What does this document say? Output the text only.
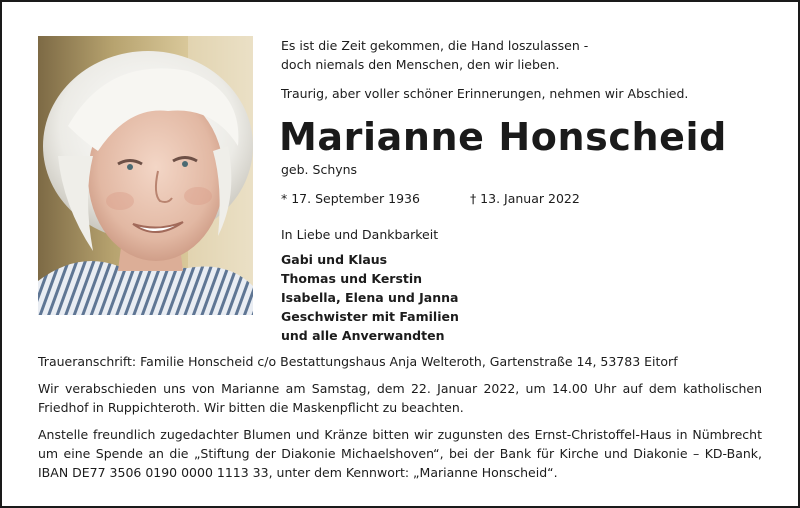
Es ist die Zeit gekommen, die Hand loszulassen -

doch niemals den Menschen, den wir lieben.

Traurig, aber voller schöner Erinnerungen, nehmen wir Abschied.

Marianne Honscheid

geb. Schyns

* 17. September 1936	† 13. Januar 2022

In Liebe und Dankbarkeit

Gabi und Klaus
Thomas und Kerstin
Isabella, Elena und Janna
Geschwister mit Familien
und alle Anverwandten

Traueranschrift: Familie Honscheid c/o Bestattungshaus Anja Welteroth, Gartenstraße 14, 53783 Eitorf

Wir verabschieden uns von Marianne am Samstag, dem 22. Januar 2022, um 14.00 Uhr auf dem katholischen Friedhof in Ruppichteroth. Wir bitten die Maskenpflicht zu beachten.

Anstelle freundlich zugedachter Blumen und Kränze bitten wir zugunsten des Ernst-Christoffel-Haus in Nümbrecht um eine Spende an die „Stiftung der Diakonie Michaelshoven“, bei der Bank für Kirche und Diakonie – KD-Bank, IBAN DE77 3506 0190 0000 1113 33, unter dem Kennwort: „Marianne Honscheid“.
